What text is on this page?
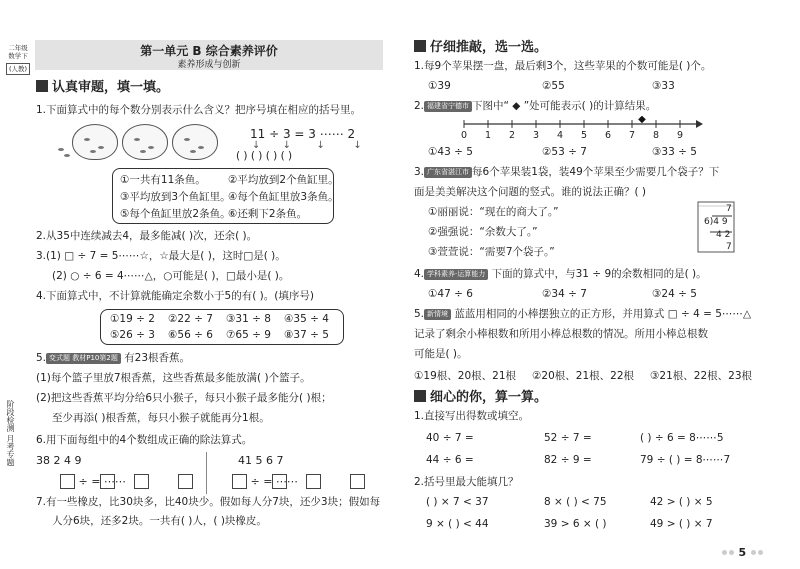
二年级
数学下
(人教)
阶段检测 月考专题
第一单元 B 综合素养评价
素养形成与创新
认真审题，填一填。
1.下面算式中的每个数分别表示什么含义？把序号填在相应的括号里。
11 ÷ 3 = 3 ⋯⋯ 2
↓       ↓        ↓         ↓
( ) ( ) ( ) ( )
①一共有11条鱼。 ②平均放到2个鱼缸里。
③平均放到3个鱼缸里。
④每个鱼缸里放3条鱼。
⑤每个鱼缸里放2条鱼。
⑥还剩下2条鱼。
2.从35中连续减去4，最多能减( )次，还余( )。
3.(1) □ ÷ 7 = 5⋯⋯☆，☆最大是( )，这时□是( )。
(2) ○ ÷ 6 = 4⋯⋯△，○可能是( )，□最小是( )。
4.下面算式中，不计算就能确定余数小于5的有( )。(填序号)
①19 ÷ 2 ②22 ÷ 7 ③31 ÷ 8 ④35 ÷ 4
⑤26 ÷ 3 ⑥56 ÷ 6 ⑦65 ÷ 9 ⑧37 ÷ 5
5. 变式题 教材P10第2题 有23根香蕉。
(1)每个篮子里放7根香蕉，这些香蕉最多能放满( )个篮子。
(2)把这些香蕉平均分给6只小猴子，每只小猴子最多能分( )根；
至少再添( )根香蕉，每只小猴子就能再分1根。
6.用下面每组中的4个数组成正确的除法算式。
38 2 4 9	41 5 6 7
÷ = ⋯⋯	÷ = ⋯⋯
7.有一些橡皮，比30块多，比40块少。假如每人分7块，还少3块；假如每
人分6块，还多2块。一共有( )人，( )块橡皮。
仔细推敲，选一选。
1.每9个苹果摆一盘，最后剩3个，这些苹果的个数可能是( )个。
①39	②55	③33
2. 福建省宁德市 下图中“ ◆ ”处可能表示( )的计算结果。
◆
0 1 2 3 4 5 6 7 8 9
①43 ÷ 5	②53 ÷ 7	③33 ÷ 5
3. 广东省湛江市 每6个苹果装1袋，装49个苹果至少需要几个袋子？下
面是美美解决这个问题的竖式。谁的说法正确？( )
①丽丽说：“现在的商大了。”
②强强说：“余数大了。”
③萱萱说：“需要7个袋子。”
7
6)4 9
4 2
7
4. 学科素养·运算能力 下面的算式中，与31 ÷ 9的余数相同的是( )。
①47 ÷ 6	②34 ÷ 7	③24 ÷ 5
5. 新情境 蓝蓝用相同的小棒摆独立的正方形，并用算式 □ ÷ 4 = 5⋯⋯△
记录了剩余小棒根数和所用小棒总根数的情况。所用小棒总根数
可能是( )。
①19根、20根、21根 ②20根、21根、22根 ③21根、22根、23根
细心的你，算一算。
1.直接写出得数或填空。
40 ÷ 7 =	52 ÷ 7 =	( ) ÷ 6 = 8⋯⋯5
44 ÷ 6 =	82 ÷ 9 =	79 ÷ ( ) = 8⋯⋯7
2.括号里最大能填几？
( ) × 7 < 37	8 × ( ) < 75	42 > ( ) × 5
9 × ( ) < 44	39 > 6 × ( )	49 > ( ) × 7
5
